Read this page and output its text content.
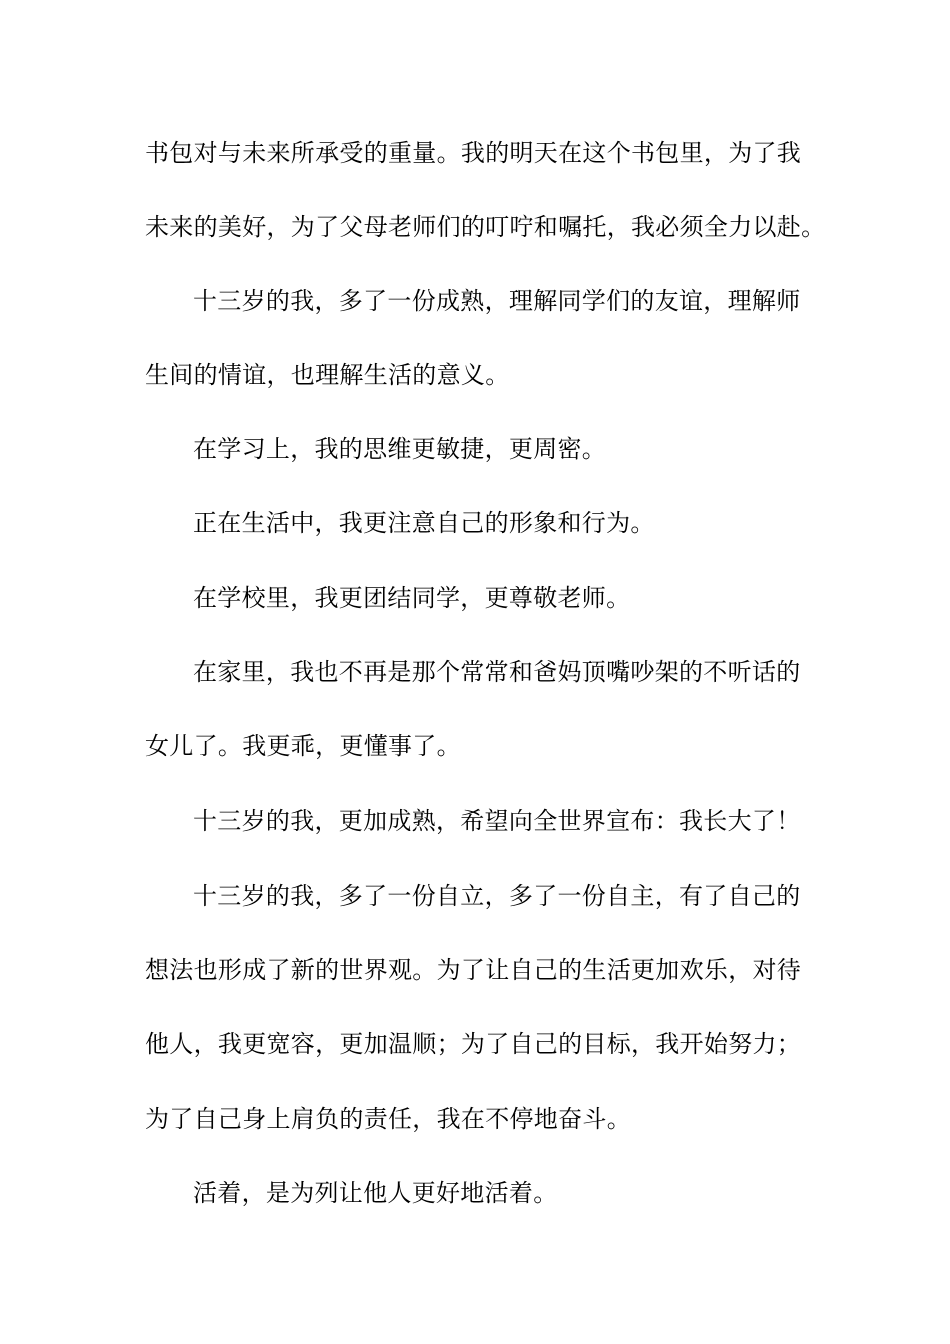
书包对与未来所承受的重量。我的明天在这个书包里，为了我
未来的美好，为了父母老师们的叮咛和嘱托，我必须全力以赴。
十三岁的我，多了一份成熟，理解同学们的友谊，理解师
生间的情谊，也理解生活的意义。
在学习上，我的思维更敏捷，更周密。
正在生活中，我更注意自己的形象和行为。
在学校里，我更团结同学，更尊敬老师。
在家里，我也不再是那个常常和爸妈顶嘴吵架的不听话的
女儿了。我更乖，更懂事了。
十三岁的我，更加成熟，希望向全世界宣布：我长大了！
十三岁的我，多了一份自立，多了一份自主，有了自己的
想法也形成了新的世界观。为了让自己的生活更加欢乐，对待
他人，我更宽容，更加温顺；为了自己的目标，我开始努力；
为了自己身上肩负的责任，我在不停地奋斗。
活着，是为列让他人更好地活着。
